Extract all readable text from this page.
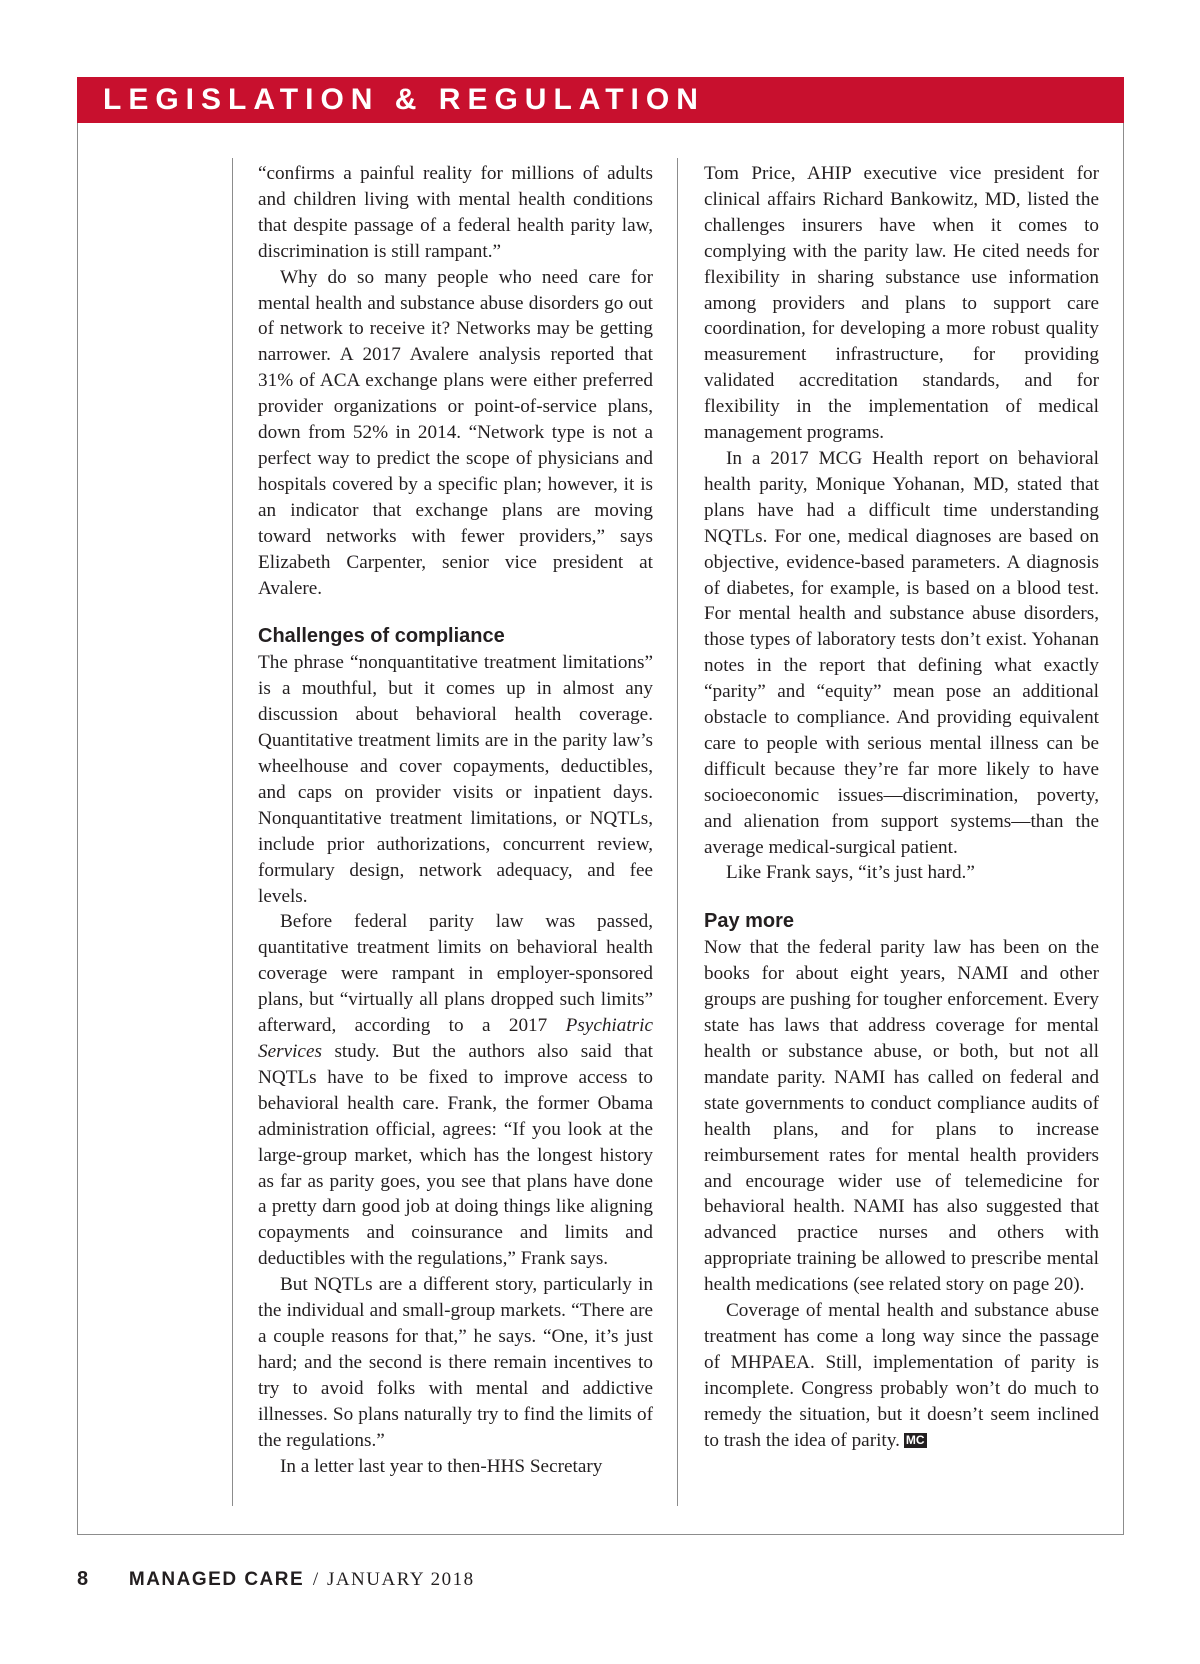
LEGISLATION & REGULATION

“confirms a painful reality for millions of adults and children living with mental health conditions that despite passage of a federal health parity law, discrimination is still rampant.”

Why do so many people who need care for mental health and substance abuse disorders go out of network to receive it? Networks may be getting narrower. A 2017 Avalere analysis reported that 31% of ACA exchange plans were either preferred provider organizations or point-of-service plans, down from 52% in 2014. “Network type is not a perfect way to predict the scope of physicians and hospitals covered by a specific plan; however, it is an indicator that exchange plans are moving toward networks with fewer providers,” says Elizabeth Carpenter, senior vice president at Avalere.

Challenges of compliance

The phrase “nonquantitative treatment limitations” is a mouthful, but it comes up in almost any discussion about behavioral health coverage. Quantitative treatment limits are in the parity law’s wheelhouse and cover copayments, deductibles, and caps on provider visits or inpatient days. Nonquantitative treatment limitations, or NQTLs, include prior authorizations, concurrent review, formulary design, network adequacy, and fee levels.

Before federal parity law was passed, quantitative treatment limits on behavioral health coverage were rampant in employer-sponsored plans, but “virtually all plans dropped such limits” afterward, according to a 2017 Psychiatric Services study. But the authors also said that NQTLs have to be fixed to improve access to behavioral health care. Frank, the former Obama administration official, agrees: “If you look at the large-group market, which has the longest history as far as parity goes, you see that plans have done a pretty darn good job at doing things like aligning copayments and coinsurance and limits and deductibles with the regulations,” Frank says.

But NQTLs are a different story, particularly in the individual and small-group markets. “There are a couple reasons for that,” he says. “One, it’s just hard; and the second is there remain incentives to try to avoid folks with mental and addictive illnesses. So plans naturally try to find the limits of the regulations.”

In a letter last year to then-HHS Secretary

Tom Price, AHIP executive vice president for clinical affairs Richard Bankowitz, MD, listed the challenges insurers have when it comes to complying with the parity law. He cited needs for flexibility in sharing substance use information among providers and plans to support care coordination, for developing a more robust quality measurement infrastructure, for providing validated accreditation standards, and for flexibility in the implementation of medical management programs.

In a 2017 MCG Health report on behavioral health parity, Monique Yohanan, MD, stated that plans have had a difficult time understanding NQTLs. For one, medical diagnoses are based on objective, evidence-based parameters. A diagnosis of diabetes, for example, is based on a blood test. For mental health and substance abuse disorders, those types of laboratory tests don’t exist. Yohanan notes in the report that defining what exactly “parity” and “equity” mean pose an additional obstacle to compliance. And providing equivalent care to people with serious mental illness can be difficult because they’re far more likely to have socioeconomic issues—discrimination, poverty, and alienation from support systems—than the average medical-surgical patient.

Like Frank says, “it’s just hard.”

Pay more

Now that the federal parity law has been on the books for about eight years, NAMI and other groups are pushing for tougher enforcement. Every state has laws that address coverage for mental health or substance abuse, or both, but not all mandate parity. NAMI has called on federal and state governments to conduct compliance audits of health plans, and for plans to increase reimbursement rates for mental health providers and encourage wider use of telemedicine for behavioral health. NAMI has also suggested that advanced practice nurses and others with appropriate training be allowed to prescribe mental health medications (see related story on page 20).

Coverage of mental health and substance abuse treatment has come a long way since the passage of MHPAEA. Still, implementation of parity is incomplete. Congress probably won’t do much to remedy the situation, but it doesn’t seem inclined to trash the idea of parity. MC

8 MANAGED CARE / JANUARY 2018
